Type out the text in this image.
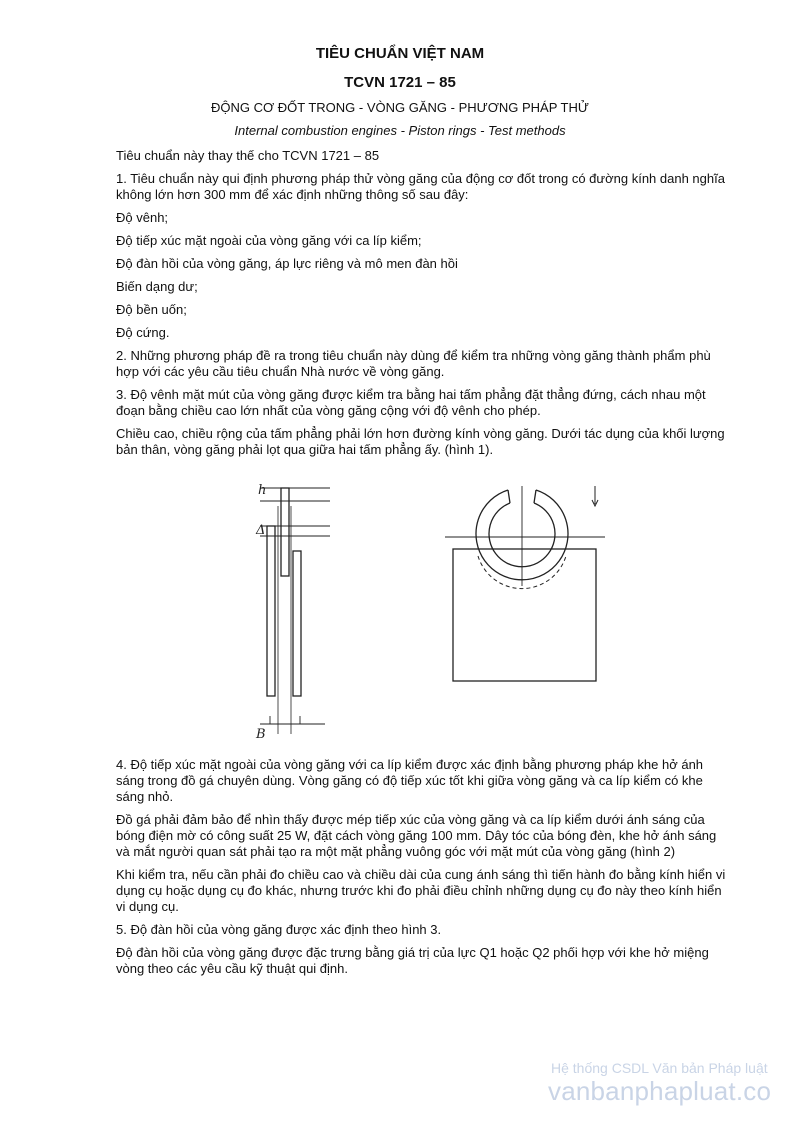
TIÊU CHUẨN VIỆT NAM
TCVN 1721 – 85
ĐỘNG CƠ ĐỐT TRONG - VÒNG GĂNG - PHƯƠNG PHÁP THỬ
Internal combustion engines - Piston rings - Test methods

Tiêu chuẩn này thay thế cho TCVN 1721 – 85

1. Tiêu chuẩn này qui định phương pháp thử vòng găng của động cơ đốt trong có đường kính danh nghĩa không lớn hơn 300 mm để xác định những thông số sau đây:

Độ vênh;

Độ tiếp xúc mặt ngoài của vòng găng với ca líp kiểm;

Độ đàn hồi của vòng găng, áp lực riêng và mô men đàn hồi

Biến dạng dư;

Độ bền uốn;

Độ cứng.

2. Những phương pháp đề ra trong tiêu chuẩn này dùng để kiểm tra những vòng găng thành phẩm phù hợp với các yêu cầu tiêu chuẩn Nhà nước về vòng găng.

3. Độ vênh mặt mút của vòng găng được kiểm tra bằng hai tấm phẳng đặt thẳng đứng, cách nhau một đoạn bằng chiều cao lớn nhất của vòng găng cộng với độ vênh cho phép.

Chiều cao, chiều rộng của tấm phẳng phải lớn hơn đường kính vòng găng. Dưới tác dụng của khối lượng bản thân, vòng găng phải lọt qua giữa hai tấm phẳng ấy. (hình 1).

h
Δ
B

4. Độ tiếp xúc mặt ngoài của vòng găng với ca líp kiểm được xác định bằng phương pháp khe hở ánh sáng trong đồ gá chuyên dùng. Vòng găng có độ tiếp xúc tốt khi giữa vòng găng và ca líp kiểm có khe sáng nhỏ.

Đồ gá phải đảm bảo để nhìn thấy được mép tiếp xúc của vòng găng và ca líp kiểm dưới ánh sáng của bóng điện mờ có công suất 25 W, đặt cách vòng găng 100 mm. Dây tóc của bóng đèn, khe hở ánh sáng và mắt người quan sát phải tạo ra một mặt phẳng vuông góc với mặt mút của vòng găng (hình 2)

Khi kiểm tra, nếu cần phải đo chiều cao và chiều dài của cung ánh sáng thì tiến hành đo bằng kính hiển vi dụng cụ hoặc dụng cụ đo khác, nhưng trước khi đo phải điều chỉnh những dụng cụ đo này theo kính hiển vi dụng cụ.

5. Độ đàn hồi của vòng găng được xác định theo hình 3.

Độ đàn hồi của vòng găng được đặc trưng bằng giá trị của lực Q1 hoặc Q2 phối hợp với khe hở miệng vòng theo các yêu cầu kỹ thuật qui định.

Hệ thống CSDL Văn bản Pháp luật
vanbanphapluat.co
